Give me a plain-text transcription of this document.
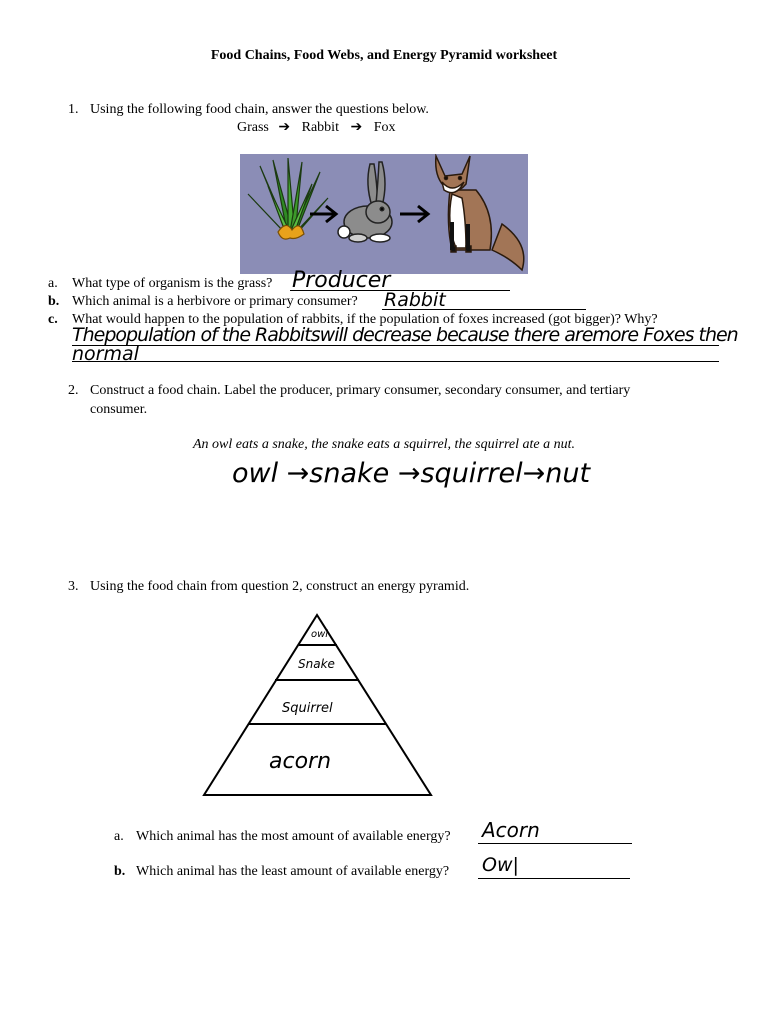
Food Chains, Food Webs, and Energy Pyramid worksheet
1. Using the following food chain, answer the questions below.
Grass ➔ Rabbit ➔ Fox
a. What type of organism is the grass? Producer
b. Which animal is a herbivore or primary consumer? Rabbit
c. What would happen to the population of rabbits, if the population of foxes increased (got bigger)? Why?
Thepopulation of the Rabbitswill decrease because there aremore Foxes then
normal
2. Construct a food chain. Label the producer, primary consumer, secondary consumer, and tertiary
consumer.
An owl eats a snake, the snake eats a squirrel, the squirrel ate a nut.
owl →snake →squirrel→nut
3. Using the food chain from question 2, construct an energy pyramid.
owl
Snake
Squirrel
acorn
a. Which animal has the most amount of available energy? Acorn
b. Which animal has the least amount of available energy? Ow|
